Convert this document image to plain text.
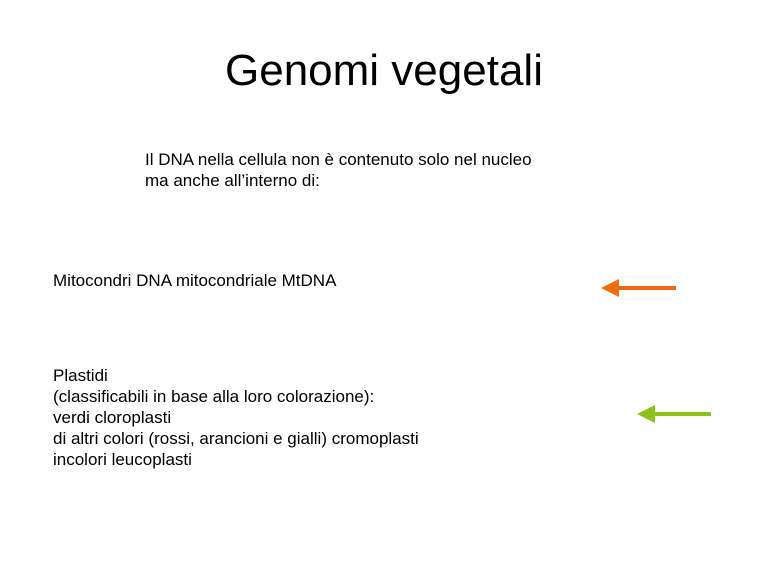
Genomi vegetali
Il DNA nella cellula non è contenuto solo nel nucleo
ma anche all’interno di:
Mitocondri DNA mitocondriale MtDNA
Plastidi
(classificabili in base alla loro colorazione):
verdi cloroplasti
di altri colori (rossi, arancioni e gialli) cromoplasti
incolori leucoplasti
